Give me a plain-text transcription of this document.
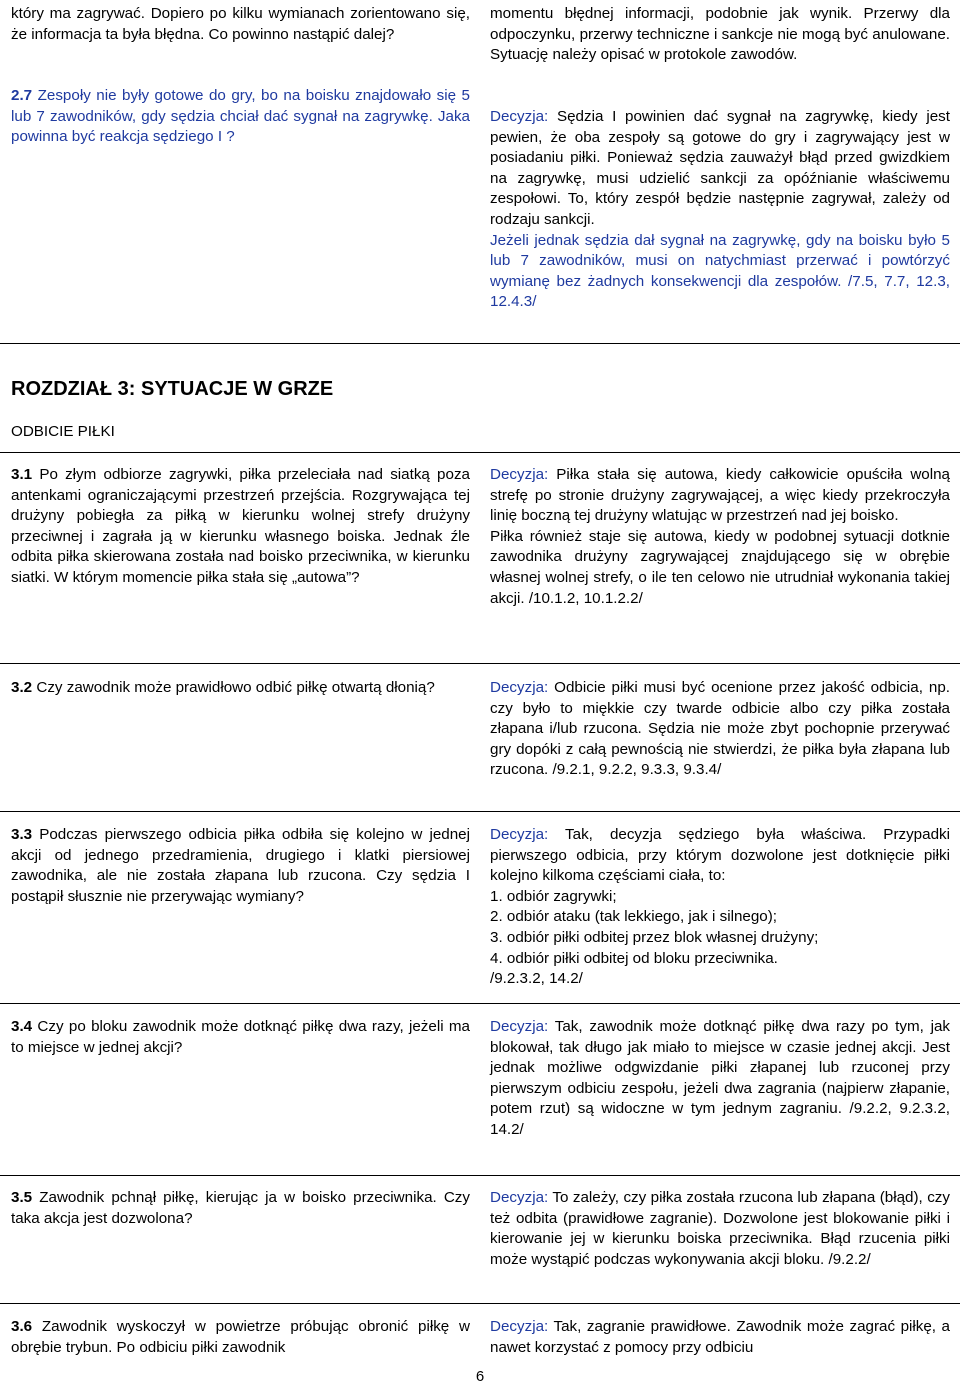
który ma zagrywać. Dopiero po kilku wymianach zorientowano się, że informacja ta była błędna. Co powinno nastąpić dalej?
momentu błędnej informacji, podobnie jak wynik. Przerwy dla odpoczynku, przerwy techniczne i sankcje nie mogą być anulowane. Sytuację należy opisać w protokole zawodów.
2.7 Zespoły nie były gotowe do gry, bo na boisku znajdowało się 5 lub 7 zawodników, gdy sędzia chciał dać sygnał na zagrywkę. Jaka powinna być reakcja sędziego I ?

Decyzja: Sędzia I powinien dać sygnał na zagrywkę, kiedy jest pewien, że oba zespoły są gotowe do gry i zagrywający jest w posiadaniu piłki. Ponieważ sędzia zauważył błąd przed gwizdkiem na zagrywkę, musi udzielić sankcji za opóźnianie właściwemu zespołowi. To, który zespół będzie następnie zagrywał, zależy od rodzaju sankcji.

Jeżeli jednak sędzia dał sygnał na zagrywkę, gdy na boisku było 5 lub 7 zawodników, musi on natychmiast przerwać i powtórzyć wymianę bez żadnych konsekwencji dla zespołów. /7.5, 7.7, 12.3, 12.4.3/

ROZDZIAŁ 3: SYTUACJE W GRZE
ODBICIE PIŁKI
3.1 Po złym odbiorze zagrywki, piłka przeleciała nad siatką poza antenkami ograniczającymi przestrzeń przejścia. Rozgrywająca tej drużyny pobiegła za piłką w kierunku wolnej strefy drużyny przeciwnej i zagrała ją w kierunku własnego boiska. Jednak źle odbita piłka skierowana została nad boisko przeciwnika, w kierunku siatki. W którym momencie piłka stała się „autowa”?

Decyzja: Piłka stała się autowa, kiedy całkowicie opuściła wolną strefę po stronie drużyny zagrywającej, a więc kiedy przekroczyła linię boczną tej drużyny wlatując w przestrzeń nad jej boisko.

Piłka również staje się autowa, kiedy w podobnej sytuacji dotknie zawodnika drużyny zagrywającej znajdującego się w obrębie własnej wolnej strefy, o ile ten celowo nie utrudniał wykonania takiej akcji. /10.1.2, 10.1.2.2/

3.2 Czy zawodnik może prawidłowo odbić piłkę otwartą dłonią?	Decyzja: Odbicie piłki musi być ocenione przez jakość odbicia, np. czy było to miękkie czy twarde odbicie albo czy piłka została złapana i/lub rzucona. Sędzia nie może zbyt pochopnie przerywać gry dopóki z całą pewnością nie stwierdzi, że piłka była złapana lub rzucona. /9.2.1, 9.2.2, 9.3.3, 9.3.4/
3.3 Podczas pierwszego odbicia piłka odbiła się kolejno w jednej akcji od jednego przedramienia, drugiego i klatki piersiowej zawodnika, ale nie została złapana lub rzucona. Czy sędzia I postąpił słusznie nie przerywając wymiany?

Decyzja: Tak, decyzja sędziego była właściwa. Przypadki pierwszego odbicia, przy którym dozwolone jest dotknięcie piłki kolejno kilkoma częściami ciała, to:

1. odbiór zagrywki;
2. odbiór ataku (tak lekkiego, jak i silnego);
3. odbiór piłki odbitej przez blok własnej drużyny;
4. odbiór piłki odbitej od bloku przeciwnika.

/9.2.3.2, 14.2/

3.4 Czy po bloku zawodnik może dotknąć piłkę dwa razy, jeżeli ma to miejsce w jednej akcji?
Decyzja: Tak, zawodnik może dotknąć piłkę dwa razy po tym, jak blokował, tak długo jak miało to miejsce w czasie jednej akcji. Jest jednak możliwe odgwizdanie piłki złapanej lub rzuconej przy pierwszym odbiciu zespołu, jeżeli dwa zagrania (najpierw złapanie, potem rzut) są widoczne w tym jednym zagraniu. /9.2.2, 9.2.3.2, 14.2/
3.5 Zawodnik pchnął piłkę, kierując ja w boisko przeciwnika. Czy taka akcja jest dozwolona?
Decyzja: To zależy, czy piłka została rzucona lub złapana (błąd), czy też odbita (prawidłowe zagranie). Dozwolone jest blokowanie piłki i kierowanie jej w kierunku boiska przeciwnika. Błąd rzucenia piłki może wystąpić podczas wykonywania akcji bloku. /9.2.2/
3.6 Zawodnik wyskoczył w powietrze próbując obronić piłkę w obrębie trybun. Po odbiciu piłki zawodnik
Decyzja: Tak, zagranie prawidłowe. Zawodnik może zagrać piłkę, a nawet korzystać z pomocy przy odbiciu
6
